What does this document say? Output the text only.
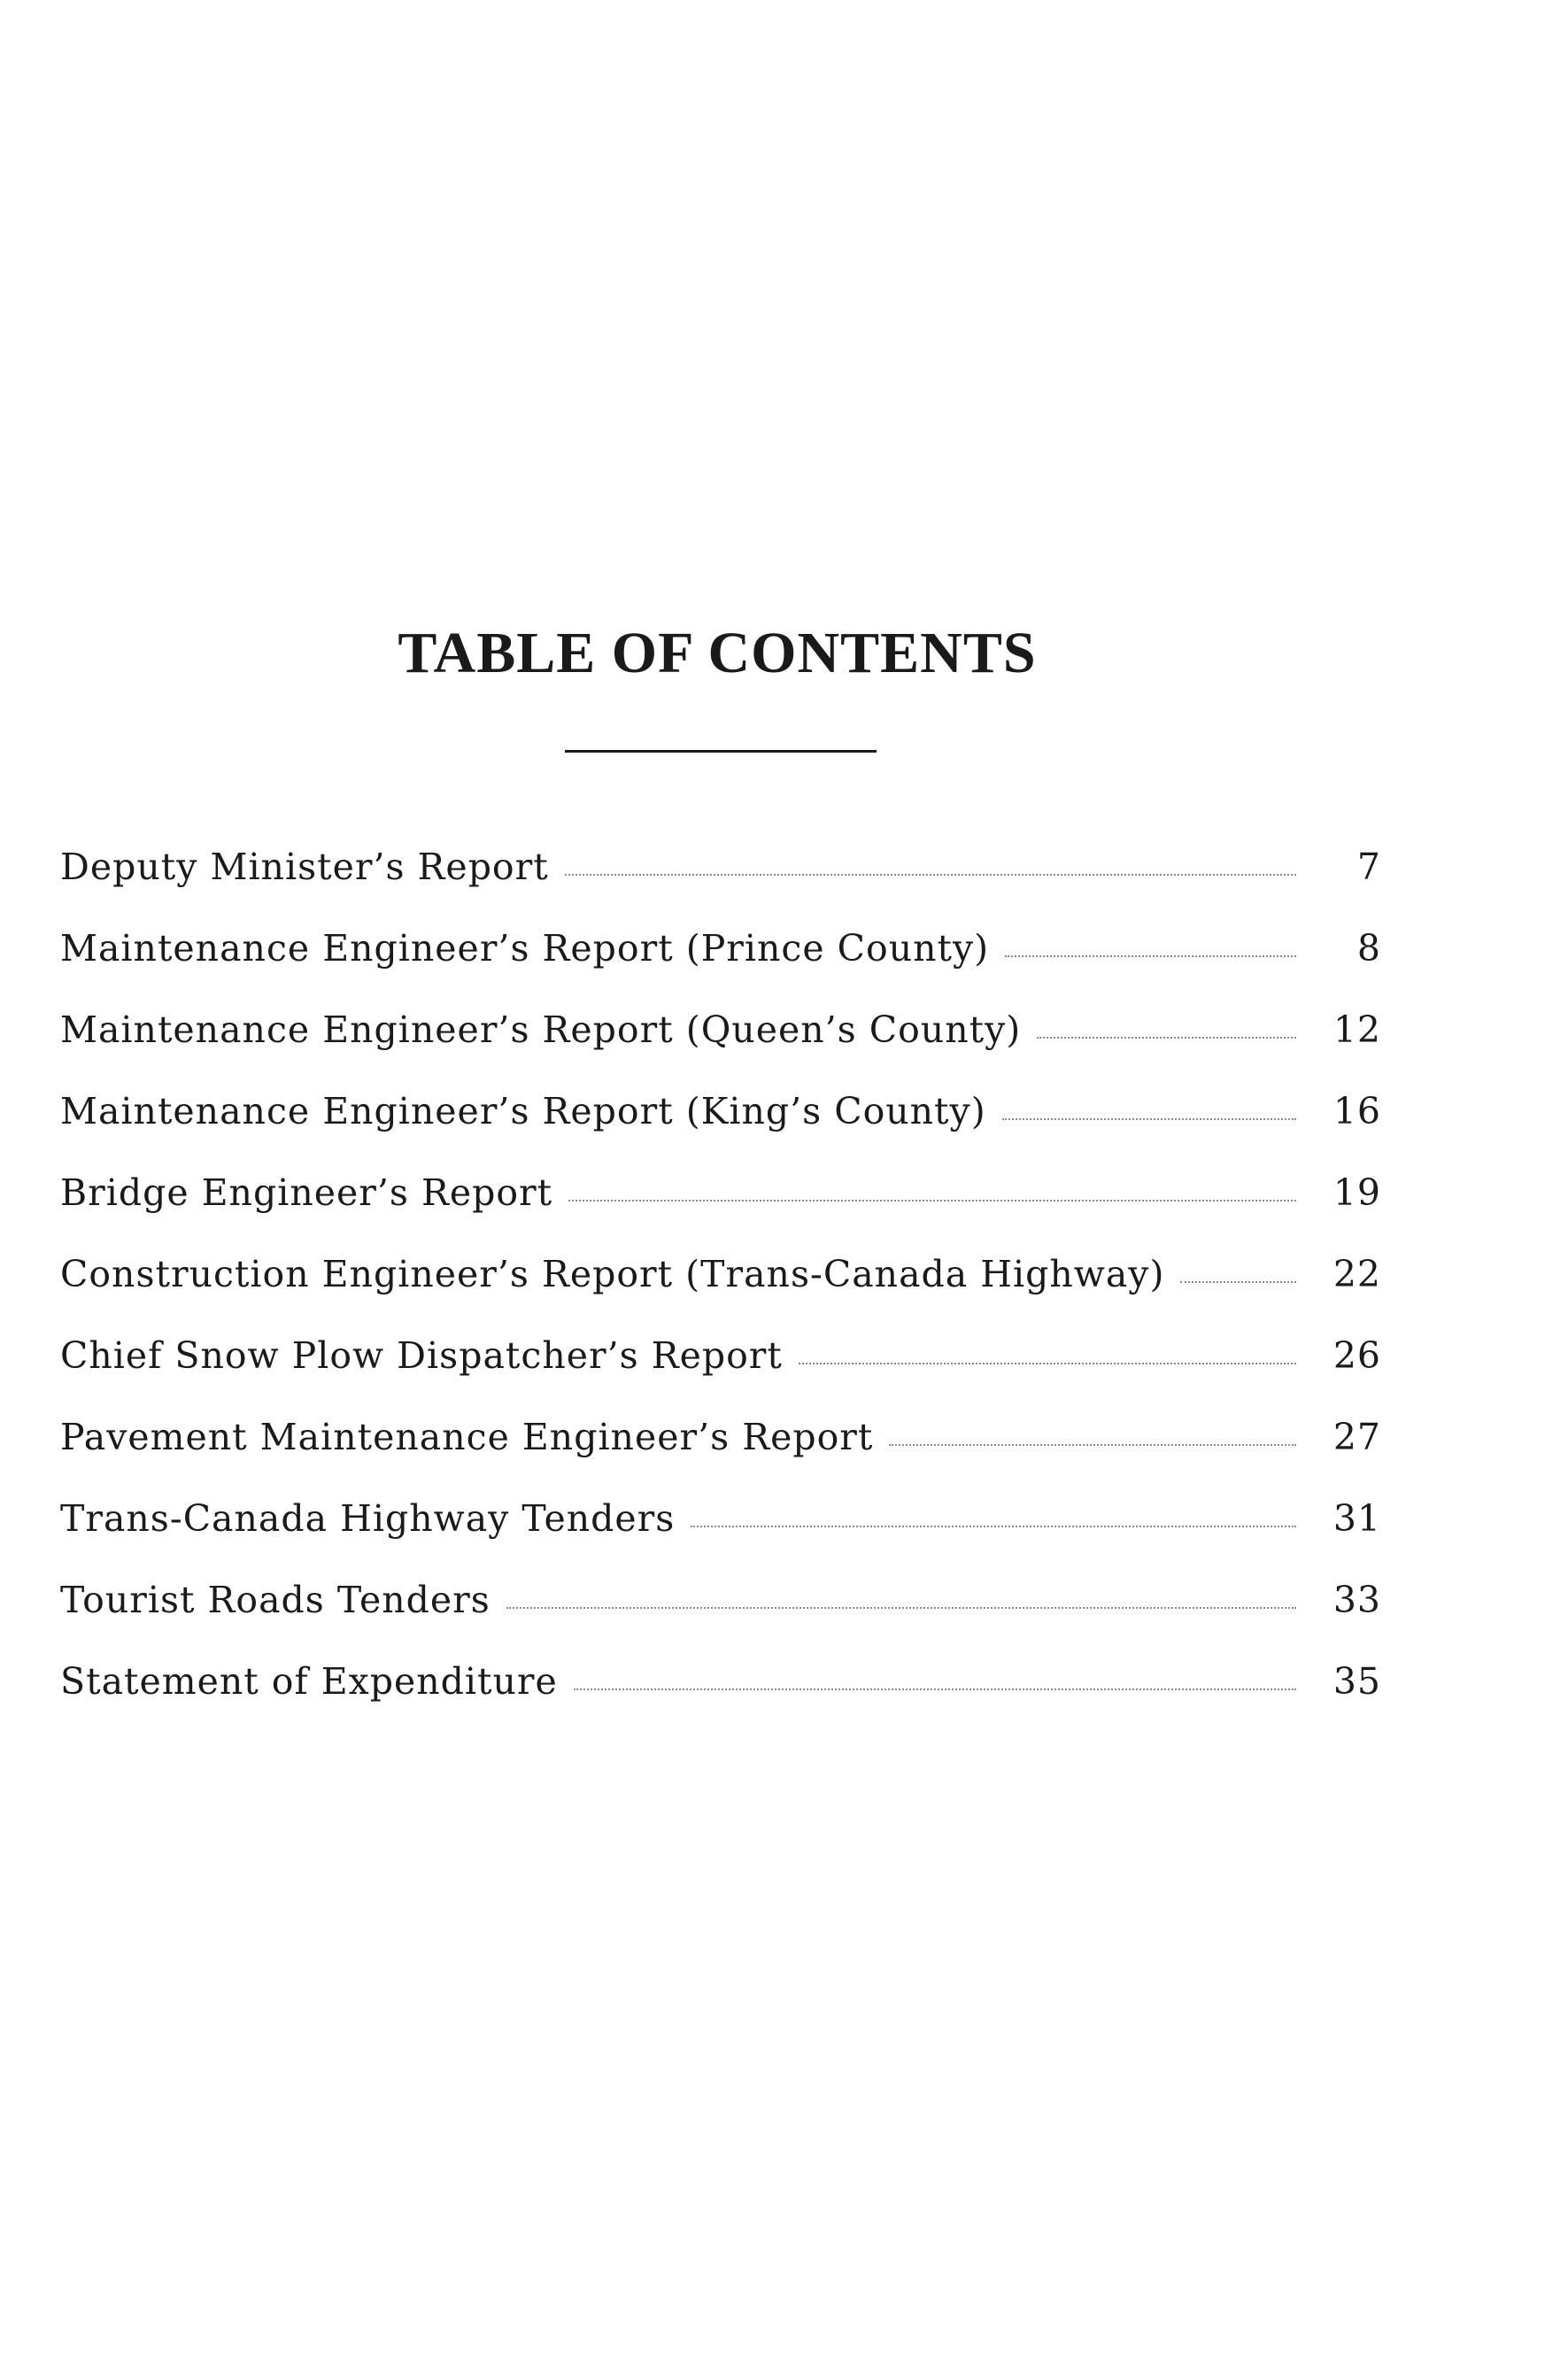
TABLE OF CONTENTS
Deputy Minister’s Report	7
Maintenance Engineer’s Report (Prince County)	8
Maintenance Engineer’s Report (Queen’s County)	12
Maintenance Engineer’s Report (King’s County)	16
Bridge Engineer’s Report	19
Construction Engineer’s Report (Trans-Canada Highway)	22
Chief Snow Plow Dispatcher’s Report	26
Pavement Maintenance Engineer’s Report	27
Trans-Canada Highway Tenders	31
Tourist Roads Tenders	33
Statement of Expenditure	35
